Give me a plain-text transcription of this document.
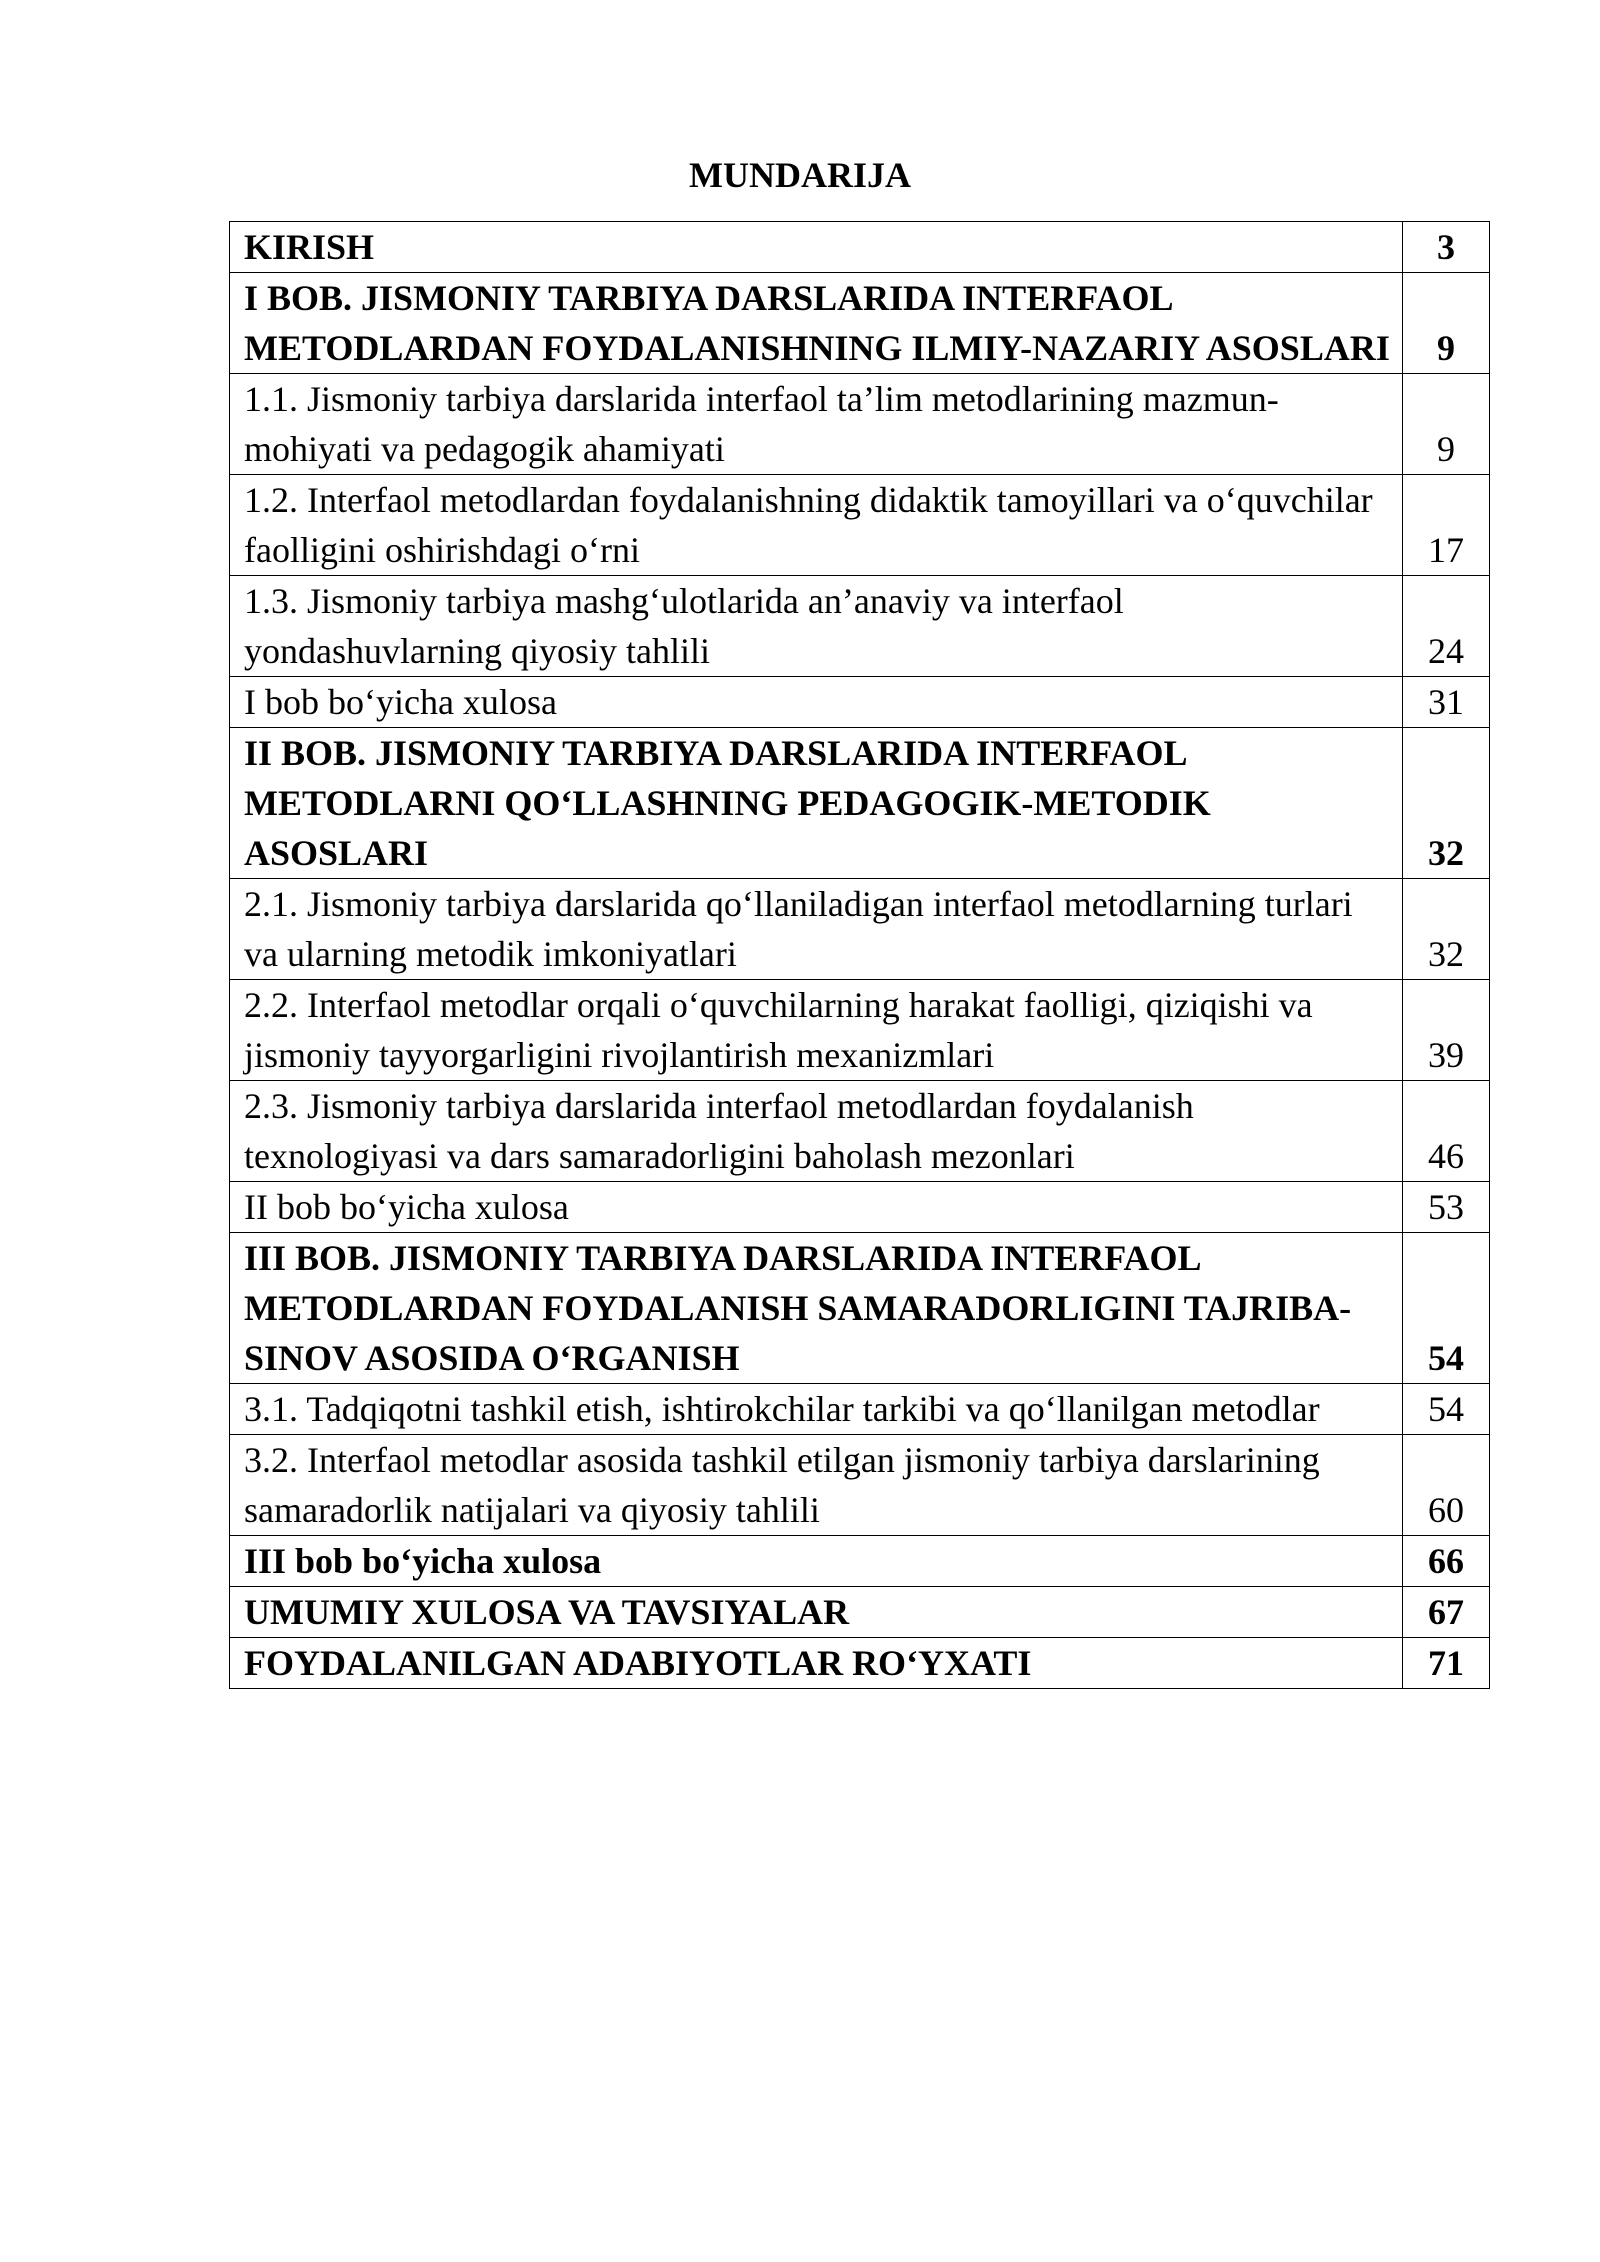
MUNDARIJA
KIRISH	3
I BOB. JISMONIY TARBIYA DARSLARIDA INTERFAOL METODLARDAN FOYDALANISHNING ILMIY-NAZARIY ASOSLARI	9
1.1. Jismoniy tarbiya darslarida interfaol ta’lim metodlarining mazmun-mohiyati va pedagogik ahamiyati	9
1.2. Interfaol metodlardan foydalanishning didaktik tamoyillari va o‘quvchilar faolligini oshirishdagi o‘rni	17
1.3. Jismoniy tarbiya mashg‘ulotlarida an’anaviy va interfaol yondashuvlarning qiyosiy tahlili	24
I bob bo‘yicha xulosa	31
II BOB. JISMONIY TARBIYA DARSLARIDA INTERFAOL METODLARNI QO‘LLASHNING PEDAGOGIK-METODIK ASOSLARI	32
2.1. Jismoniy tarbiya darslarida qo‘llaniladigan interfaol metodlarning turlari va ularning metodik imkoniyatlari	32
2.2. Interfaol metodlar orqali o‘quvchilarning harakat faolligi, qiziqishi va jismoniy tayyorgarligini rivojlantirish mexanizmlari	39
2.3. Jismoniy tarbiya darslarida interfaol metodlardan foydalanish texnologiyasi va dars samaradorligini baholash mezonlari	46
II bob bo‘yicha xulosa	53
III BOB. JISMONIY TARBIYA DARSLARIDA INTERFAOL METODLARDAN FOYDALANISH SAMARADORLIGINI TAJRIBA-SINOV ASOSIDA O‘RGANISH	54
3.1. Tadqiqotni tashkil etish, ishtirokchilar tarkibi va qo‘llanilgan metodlar	54
3.2. Interfaol metodlar asosida tashkil etilgan jismoniy tarbiya darslarining samaradorlik natijalari va qiyosiy tahlili	60
III bob bo‘yicha xulosa	66
UMUMIY XULOSA VA TAVSIYALAR	67
FOYDALANILGAN ADABIYOTLAR RO‘YXATI	71
